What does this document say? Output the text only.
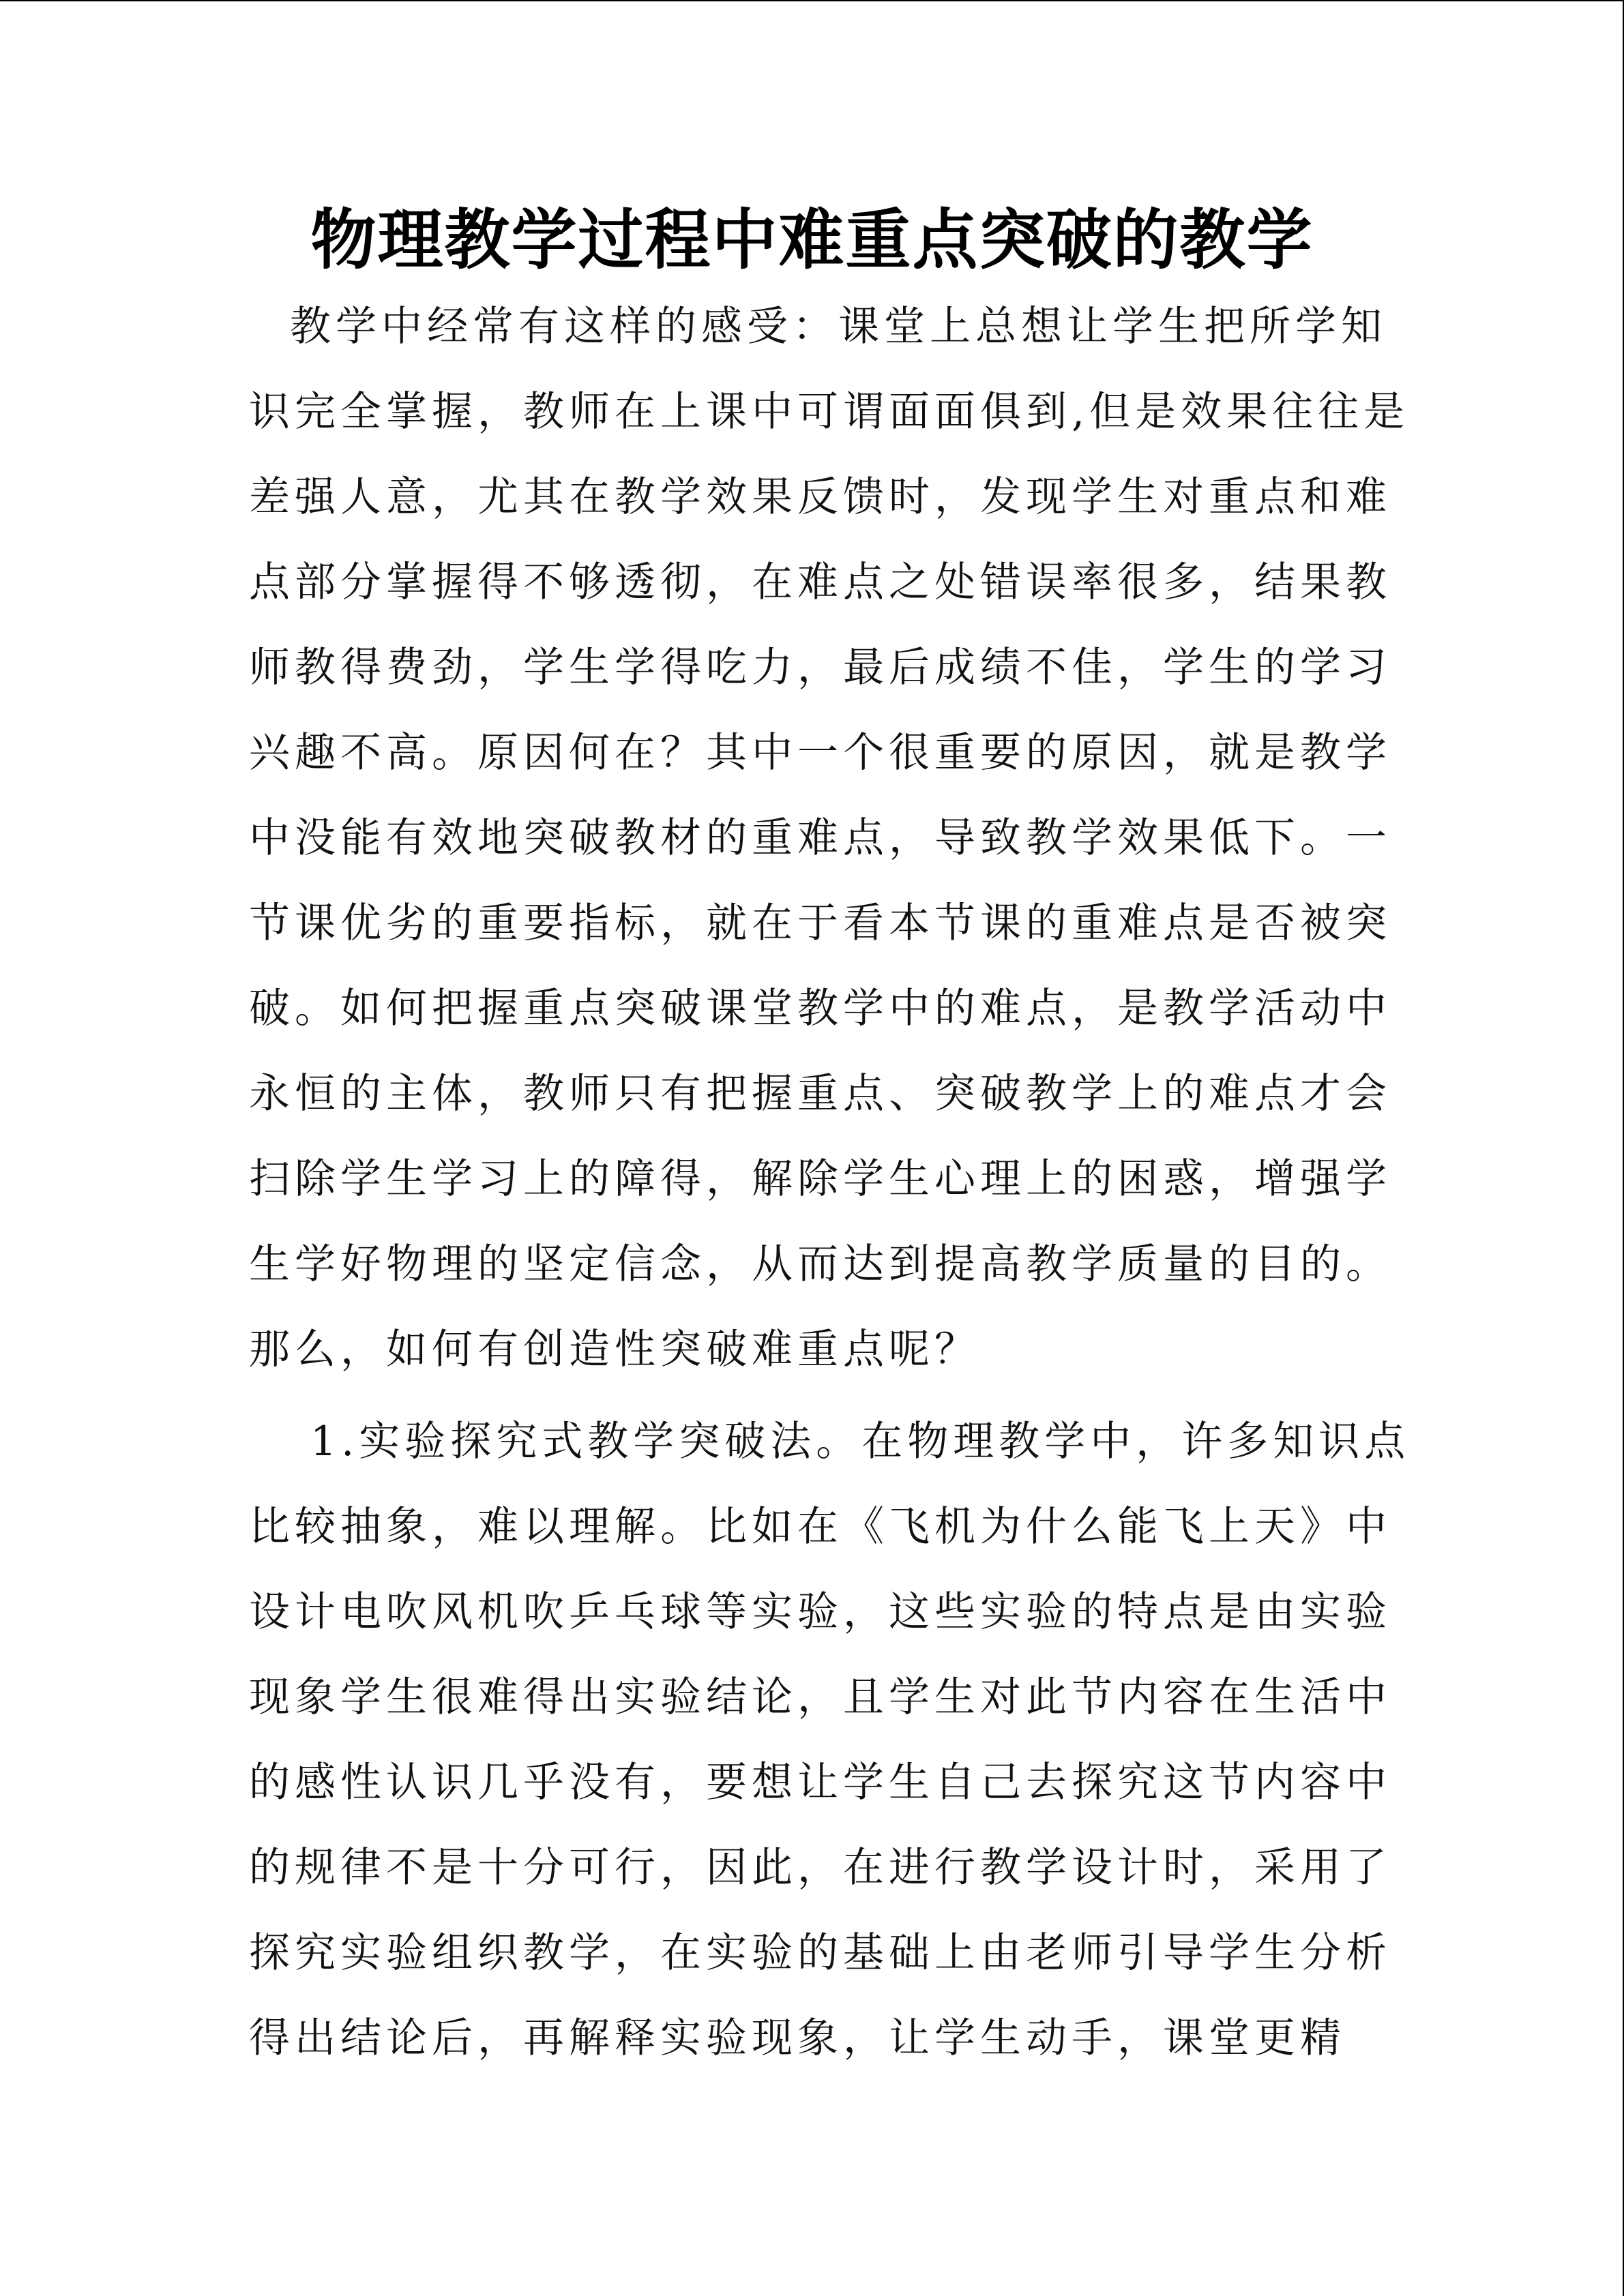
物理教学过程中难重点突破的教学
教学中经常有这样的感受：课堂上总想让学生把所学知
识完全掌握，教师在上课中可谓面面俱到,但是效果往往是
差强人意，尤其在教学效果反馈时，发现学生对重点和难
点部分掌握得不够透彻，在难点之处错误率很多，结果教
师教得费劲，学生学得吃力，最后成绩不佳，学生的学习
兴趣不高。原因何在？其中一个很重要的原因，就是教学
中没能有效地突破教材的重难点，导致教学效果低下。一
节课优劣的重要指标，就在于看本节课的重难点是否被突
破。如何把握重点突破课堂教学中的难点，是教学活动中
永恒的主体，教师只有把握重点、突破教学上的难点才会
扫除学生学习上的障得，解除学生心理上的困惑，增强学
生学好物理的坚定信念，从而达到提高教学质量的目的。
那么，如何有创造性突破难重点呢？
1.实验探究式教学突破法。在物理教学中，许多知识点
比较抽象，难以理解。比如在《飞机为什么能飞上天》中
设计电吹风机吹乒乓球等实验，这些实验的特点是由实验
现象学生很难得出实验结论，且学生对此节内容在生活中
的感性认识几乎没有，要想让学生自己去探究这节内容中
的规律不是十分可行，因此，在进行教学设计时，采用了
探究实验组织教学，在实验的基础上由老师引导学生分析
得出结论后，再解释实验现象，让学生动手，课堂更精
